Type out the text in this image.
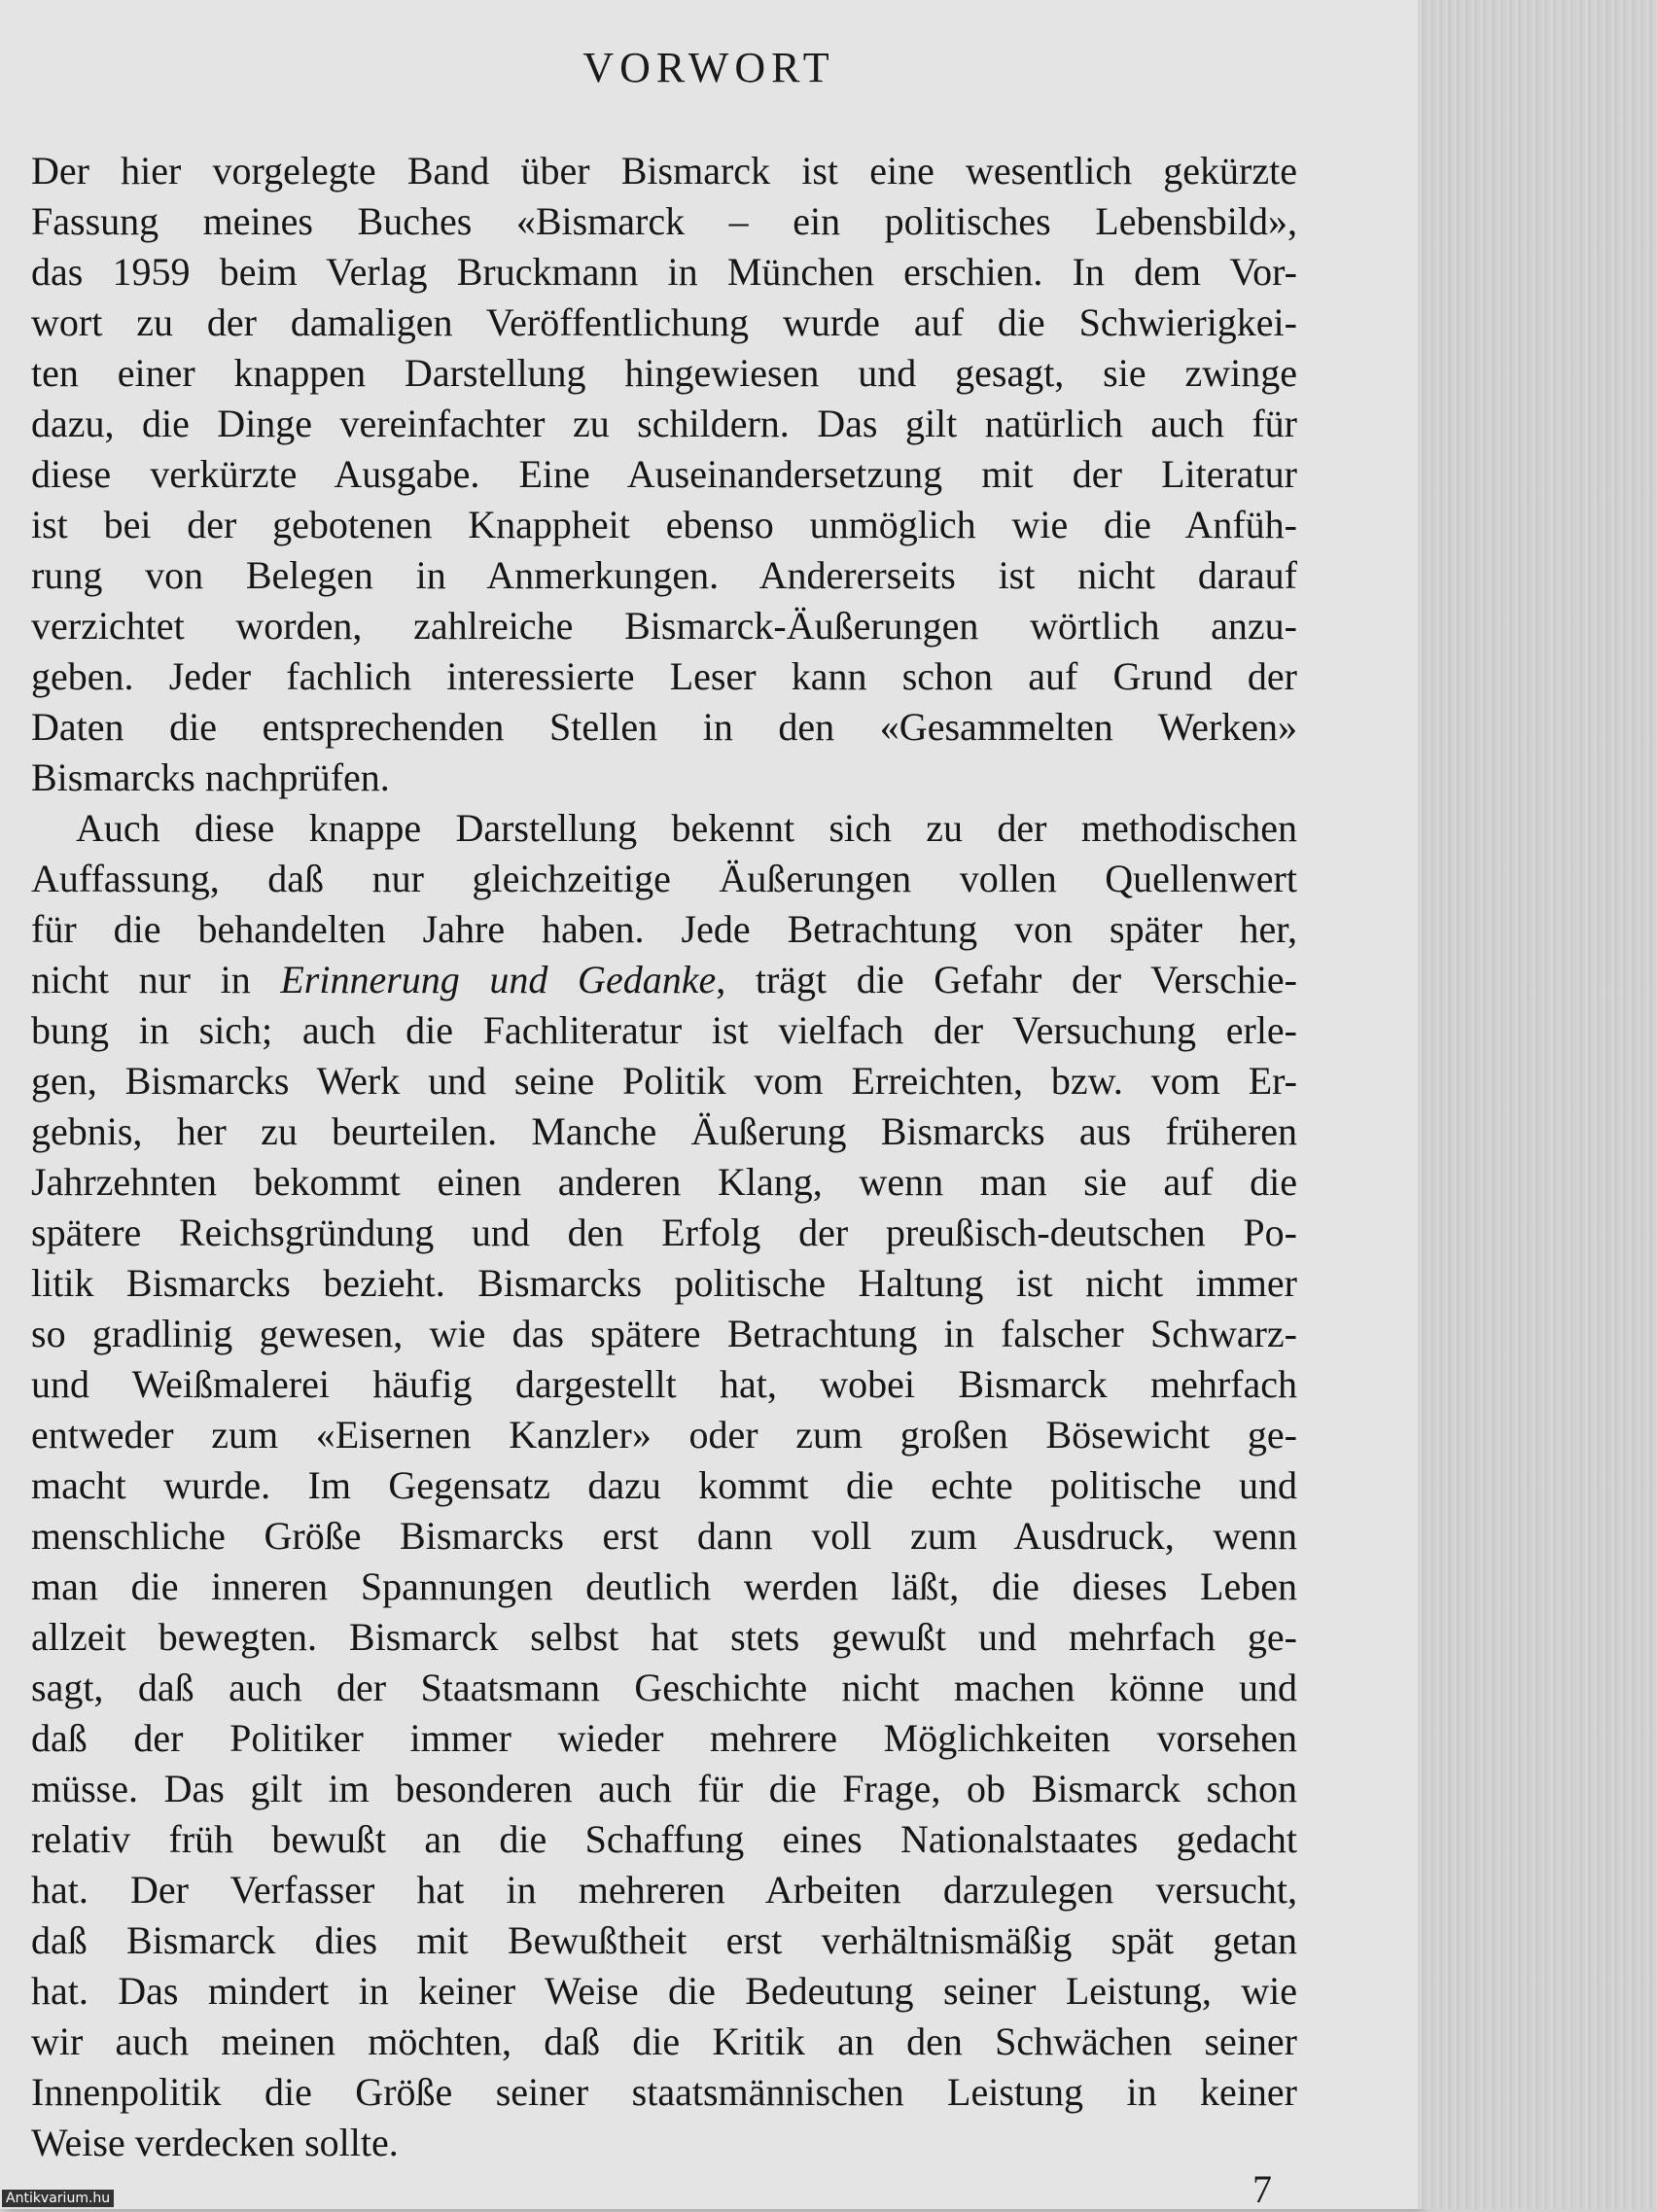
VORWORT
Der hier vorgelegte Band über Bismarck ist eine wesentlich gekürzte
Fassung meines Buches «Bismarck – ein politisches Lebensbild»,
das 1959 beim Verlag Bruckmann in München erschien. In dem Vor-
wort zu der damaligen Veröffentlichung wurde auf die Schwierigkei-
ten einer knappen Darstellung hingewiesen und gesagt, sie zwinge
dazu, die Dinge vereinfachter zu schildern. Das gilt natürlich auch für
diese verkürzte Ausgabe. Eine Auseinandersetzung mit der Literatur
ist bei der gebotenen Knappheit ebenso unmöglich wie die Anfüh-
rung von Belegen in Anmerkungen. Andererseits ist nicht darauf
verzichtet worden, zahlreiche Bismarck-Äußerungen wörtlich anzu-
geben. Jeder fachlich interessierte Leser kann schon auf Grund der
Daten die entsprechenden Stellen in den «Gesammelten Werken»
Bismarcks nachprüfen.
Auch diese knappe Darstellung bekennt sich zu der methodischen
Auffassung, daß nur gleichzeitige Äußerungen vollen Quellenwert
für die behandelten Jahre haben. Jede Betrachtung von später her,
nicht nur in Erinnerung und Gedanke, trägt die Gefahr der Verschie-
bung in sich; auch die Fachliteratur ist vielfach der Versuchung erle-
gen, Bismarcks Werk und seine Politik vom Erreichten, bzw. vom Er-
gebnis, her zu beurteilen. Manche Äußerung Bismarcks aus früheren
Jahrzehnten bekommt einen anderen Klang, wenn man sie auf die
spätere Reichsgründung und den Erfolg der preußisch-deutschen Po-
litik Bismarcks bezieht. Bismarcks politische Haltung ist nicht immer
so gradlinig gewesen, wie das spätere Betrachtung in falscher Schwarz-
und Weißmalerei häufig dargestellt hat, wobei Bismarck mehrfach
entweder zum «Eisernen Kanzler» oder zum großen Bösewicht ge-
macht wurde. Im Gegensatz dazu kommt die echte politische und
menschliche Größe Bismarcks erst dann voll zum Ausdruck, wenn
man die inneren Spannungen deutlich werden läßt, die dieses Leben
allzeit bewegten. Bismarck selbst hat stets gewußt und mehrfach ge-
sagt, daß auch der Staatsmann Geschichte nicht machen könne und
daß der Politiker immer wieder mehrere Möglichkeiten vorsehen
müsse. Das gilt im besonderen auch für die Frage, ob Bismarck schon
relativ früh bewußt an die Schaffung eines Nationalstaates gedacht
hat. Der Verfasser hat in mehreren Arbeiten darzulegen versucht,
daß Bismarck dies mit Bewußtheit erst verhältnismäßig spät getan
hat. Das mindert in keiner Weise die Bedeutung seiner Leistung, wie
wir auch meinen möchten, daß die Kritik an den Schwächen seiner
Innenpolitik die Größe seiner staatsmännischen Leistung in keiner
Weise verdecken sollte.
7
Antikvarium.hu
